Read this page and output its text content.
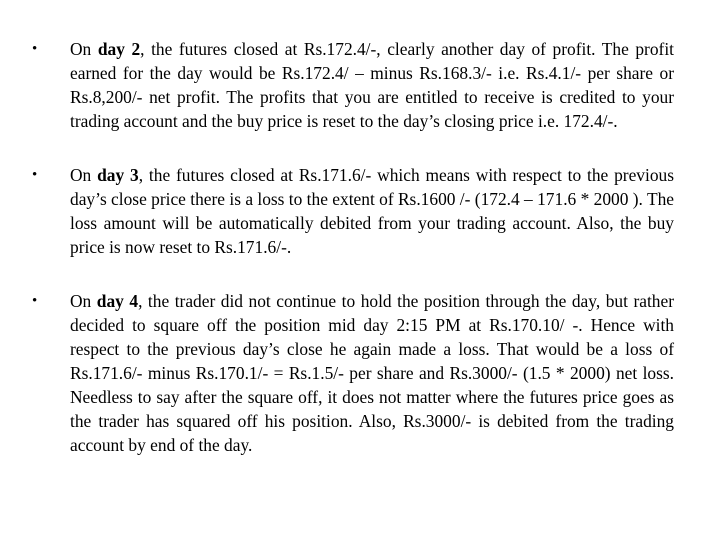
• On day 2, the futures closed at Rs.172.4/-, clearly another day of profit. The profit earned for the day would be Rs.172.4/ – minus Rs.168.3/- i.e. Rs.4.1/- per share or Rs.8,200/- net profit. The profits that you are entitled to receive is credited to your trading account and the buy price is reset to the day’s closing price i.e. 172.4/-.
• On day 3, the futures closed at Rs.171.6/- which means with respect to the previous day’s close price there is a loss to the extent of Rs.1600 /- (172.4 – 171.6 * 2000 ). The loss amount will be automatically debited from your trading account. Also, the buy price is now reset to Rs.171.6/-.
• On day 4, the trader did not continue to hold the position through the day, but rather decided to square off the position mid day 2:15 PM at Rs.170.10/ -. Hence with respect to the previous day’s close he again made a loss. That would be a loss of Rs.171.6/- minus Rs.170.1/- = Rs.1.5/- per share and Rs.3000/- (1.5 * 2000) net loss. Needless to say after the square off, it does not matter where the futures price goes as the trader has squared off his position. Also, Rs.3000/- is debited from the trading account by end of the day.
